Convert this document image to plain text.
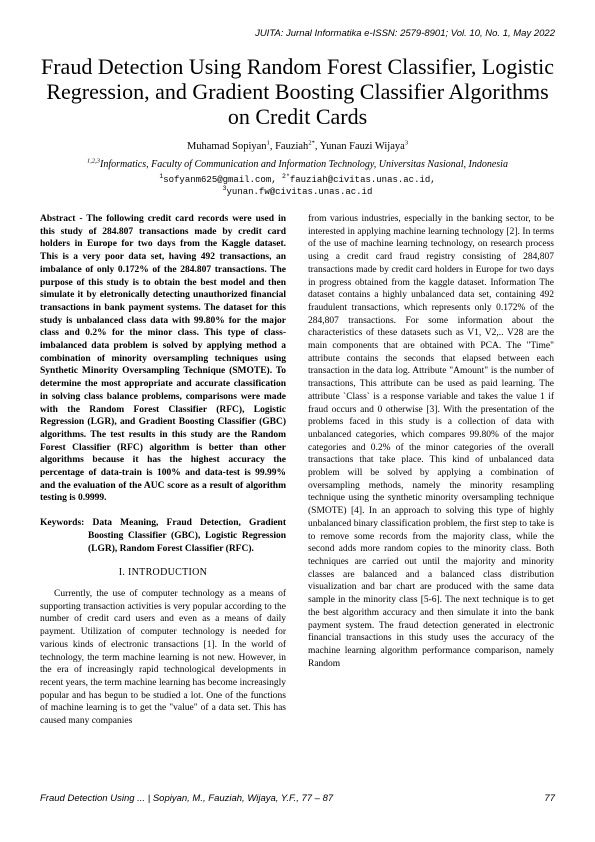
JUITA: Jurnal Informatika e-ISSN: 2579-8901; Vol. 10, No. 1, May 2022
Fraud Detection Using Random Forest Classifier, Logistic Regression, and Gradient Boosting Classifier Algorithms on Credit Cards
Muhamad Sopiyan$^1$, Fauziah$^{2*}$, Yunan Fauzi Wijaya$^3$
$^{1,2,3}$Informatics, Faculty of Communication and Information Technology, Universitas Nasional, Indonesia
$^1$sofyanm625@gmail.com, $^{2*}$fauziah@civitas.unas.ac.id,
$^3$yunan.fw@civitas.unas.ac.id

Abstract - The following credit card records were used in this study of 284.807 transactions made by credit card holders in Europe for two days from the Kaggle dataset. This is a very poor data set, having 492 transactions, an imbalance of only 0.172% of the 284.807 transactions. The purpose of this study is to obtain the best model and then simulate it by eletronically detecting unauthorized financial transactions in bank payment systems. The dataset for this study is unbalanced class data with 99.80% for the major class and 0.2% for the minor class. This type of class-imbalanced data problem is solved by applying method a combination of minority oversampling techniques using Synthetic Minority Oversampling Technique (SMOTE). To determine the most appropriate and accurate classification in solving class balance problems, comparisons were made with the Random Forest Classifier (RFC), Logistic Regression (LGR), and Gradient Boosting Classifier (GBC) algorithms. The test results in this study are the Random Forest Classifier (RFC) algorithm is better than other algorithms because it has the highest accuracy the percentage of data-train is 100% and data-test is 99.99% and the evaluation of the AUC score as a result of algorithm testing is 0.9999.

Keywords: Data Meaning, Fraud Detection, Gradient Boosting Classifier (GBC), Logistic Regression (LGR), Random Forest Classifier (RFC).

I. INTRODUCTION

Currently, the use of computer technology as a means of supporting transaction activities is very popular according to the number of credit card users and even as a means of daily payment. Utilization of computer technology is needed for various kinds of electronic transactions [1]. In the world of technology, the term machine learning is not new. However, in the era of increasingly rapid technological developments in recent years, the term machine learning has become increasingly popular and has begun to be studied a lot. One of the functions of machine learning is to get the "value" of a data set. This has caused many companies

from various industries, especially in the banking sector, to be interested in applying machine learning technology [2]. In terms of the use of machine learning technology, on research process using a credit card fraud registry consisting of 284,807 transactions made by credit card holders in Europe for two days in progress obtained from the kaggle dataset. Information The dataset contains a highly unbalanced data set, containing 492 fraudulent transactions, which represents only 0.172% of the 284,807 transactions. For some information about the characteristics of these datasets such as V1, V2,.. V28 are the main components that are obtained with PCA. The "Time" attribute contains the seconds that elapsed between each transaction in the data log. Attribute "Amount" is the number of transactions, This attribute can be used as paid learning. The attribute `Class` is a response variable and takes the value 1 if fraud occurs and 0 otherwise [3]. With the presentation of the problems faced in this study is a collection of data with unbalanced categories, which compares 99.80% of the major categories and 0.2% of the minor categories of the overall transactions that take place. This kind of unbalanced data problem will be solved by applying a combination of oversampling methods, namely the minority resampling technique using the synthetic minority oversampling technique (SMOTE) [4]. In an approach to solving this type of highly unbalanced binary classification problem, the first step to take is to remove some records from the majority class, while the second adds more random copies to the minority class. Both techniques are carried out until the majority and minority classes are balanced and a balanced class distribution visualization and bar chart are produced with the same data sample in the minority class [5-6]. The next technique is to get the best algorithm accuracy and then simulate it into the bank payment system. The fraud detection generated in electronic financial transactions in this study uses the accuracy of the machine learning algorithm performance comparison, namely Random

Fraud Detection Using ... | Sopiyan, M., Fauziah, Wijaya, Y.F., 77 – 87	77
